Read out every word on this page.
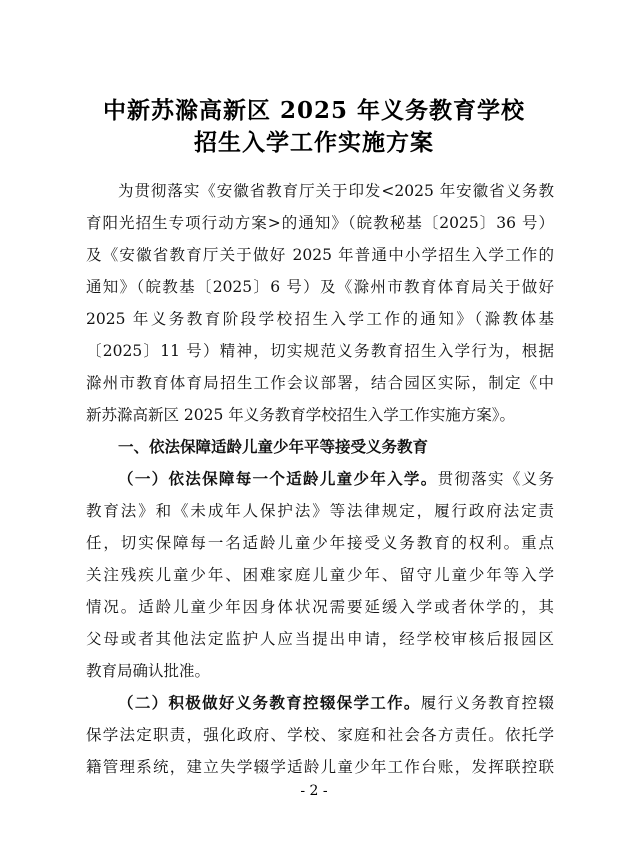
中新苏滁高新区 2025 年义务教育学校
招生入学工作实施方案
为贯彻落实《安徽省教育厅关于印发<2025 年安徽省义务教
育阳光招生专项行动方案>的通知》（皖教秘基〔2025〕36 号）
及《安徽省教育厅关于做好 2025 年普通中小学招生入学工作的
通知》（皖教基〔2025〕6 号）及《滁州市教育体育局关于做好
2025 年义务教育阶段学校招生入学工作的通知》（滁教体基
〔2025〕11 号）精神，切实规范义务教育招生入学行为，根据
滁州市教育体育局招生工作会议部署，结合园区实际，制定《中
新苏滁高新区 2025 年义务教育学校招生入学工作实施方案》。
一、依法保障适龄儿童少年平等接受义务教育
（一）依法保障每一个适龄儿童少年入学。贯彻落实《义务
教育法》和《未成年人保护法》等法律规定，履行政府法定责
任，切实保障每一名适龄儿童少年接受义务教育的权利。重点
关注残疾儿童少年、困难家庭儿童少年、留守儿童少年等入学
情况。适龄儿童少年因身体状况需要延缓入学或者休学的，其
父母或者其他法定监护人应当提出申请，经学校审核后报园区
教育局确认批准。
（二）积极做好义务教育控辍保学工作。履行义务教育控辍
保学法定职责，强化政府、学校、家庭和社会各方责任。依托学
籍管理系统，建立失学辍学适龄儿童少年工作台账，发挥联控联
- 2 -
